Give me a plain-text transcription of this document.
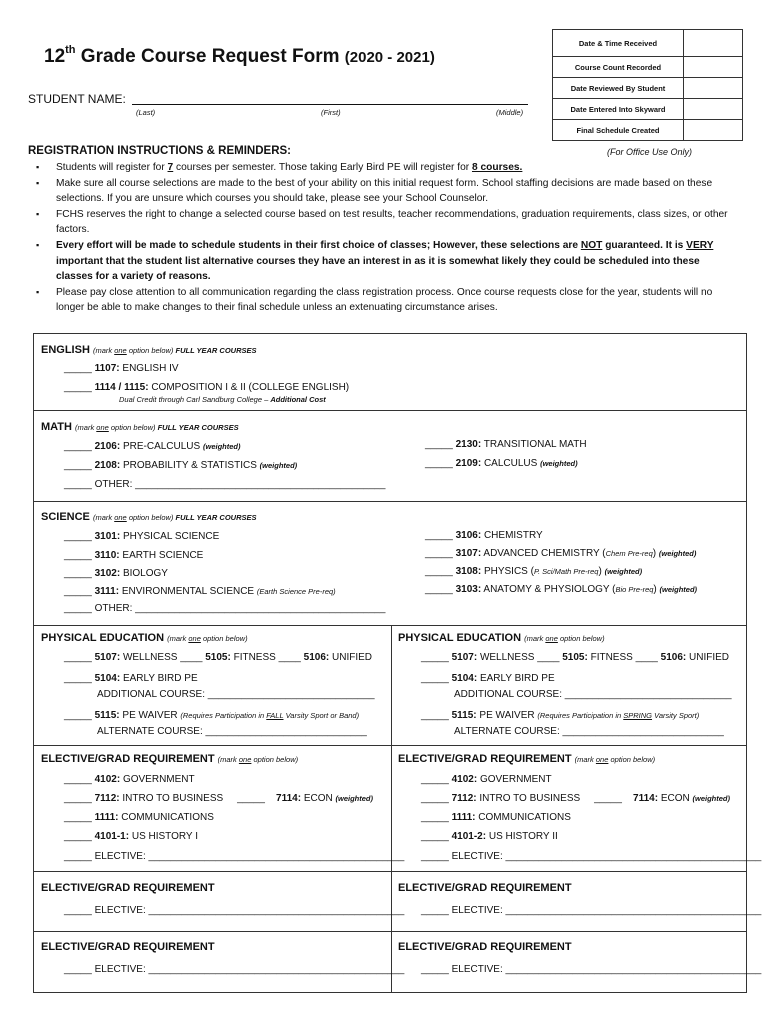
12th Grade Course Request Form (2020 - 2021)
Date & Time Received	
Course Count Recorded	
Date Reviewed By Student	
Date Entered Into Skyward	
Final Schedule Created	
(For Office Use Only)
STUDENT NAME:
(Last)	(First)	(Middle)
REGISTRATION INSTRUCTIONS & REMINDERS:
▪ Students will register for 7 courses per semester. Those taking Early Bird PE will register for 8 courses.
▪ Make sure all course selections are made to the best of your ability on this initial request form. School staffing decisions are made based on these selections. If you are unsure which courses you should take, please see your School Counselor.
▪ FCHS reserves the right to change a selected course based on test results, teacher recommendations, graduation requirements, class sizes, or other factors.
▪ Every effort will be made to schedule students in their first choice of classes; However, these selections are NOT guaranteed. It is VERY important that the student list alternative courses they have an interest in as it is somewhat likely they could be scheduled into these classes for a variety of reasons.
▪ Please pay close attention to all communication regarding the class registration process. Once course requests close for the year, students will no longer be able to make changes to their final schedule unless an extenuating circumstance arises.
ENGLISH (mark one option below) FULL YEAR COURSES
_____ 1107: ENGLISH IV
_____ 1114 / 1115: COMPOSITION I & II (COLLEGE ENGLISH)
Dual Credit through Carl Sandburg College – Additional Cost
MATH (mark one option below) FULL YEAR COURSES
_____ 2106: PRE-CALCULUS (weighted)
_____ 2108: PROBABILITY & STATISTICS (weighted)
_____ OTHER: _____________________________________________
_____ 2130: TRANSITIONAL MATH
_____ 2109: CALCULUS (weighted)
SCIENCE (mark one option below) FULL YEAR COURSES
_____ 3101: PHYSICAL SCIENCE
_____ 3110: EARTH SCIENCE
_____ 3102: BIOLOGY
_____ 3111: ENVIRONMENTAL SCIENCE (Earth Science Pre-req)
_____ OTHER: _____________________________________________
_____ 3106: CHEMISTRY
_____ 3107: ADVANCED CHEMISTRY (Chem Pre-req) (weighted)
_____ 3108: PHYSICS (P. Sci/Math Pre-req) (weighted)
_____ 3103: ANATOMY & PHYSIOLOGY (Bio Pre-req) (weighted)
PHYSICAL EDUCATION (mark one option below)
_____ 5107: WELLNESS ____ 5105: FITNESS ____ 5106: UNIFIED
_____ 5104: EARLY BIRD PE
ADDITIONAL COURSE: ______________________________
_____ 5115: PE WAIVER (Requires Participation in FALL Varsity Sport or Band)
ALTERNATE COURSE: _____________________________
PHYSICAL EDUCATION (mark one option below)
_____ 5107: WELLNESS ____ 5105: FITNESS ____ 5106: UNIFIED
_____ 5104: EARLY BIRD PE
ADDITIONAL COURSE: ______________________________
_____ 5115: PE WAIVER (Requires Participation in SPRING Varsity Sport)
ALTERNATE COURSE: _____________________________
ELECTIVE/GRAD REQUIREMENT (mark one option below)
_____ 4102: GOVERNMENT
_____ 7112: INTRO TO BUSINESS _____ 7114: ECON (weighted)
_____ 1111: COMMUNICATIONS
_____ 4101-1: US HISTORY I
_____ ELECTIVE: ______________________________________________
ELECTIVE/GRAD REQUIREMENT (mark one option below)
_____ 4102: GOVERNMENT
_____ 7112: INTRO TO BUSINESS _____ 7114: ECON (weighted)
_____ 1111: COMMUNICATIONS
_____ 4101-2: US HISTORY II
_____ ELECTIVE: ______________________________________________
ELECTIVE/GRAD REQUIREMENT
_____ ELECTIVE: ______________________________________________
ELECTIVE/GRAD REQUIREMENT
_____ ELECTIVE: ______________________________________________
ELECTIVE/GRAD REQUIREMENT
_____ ELECTIVE: ______________________________________________
ELECTIVE/GRAD REQUIREMENT
_____ ELECTIVE: ______________________________________________
